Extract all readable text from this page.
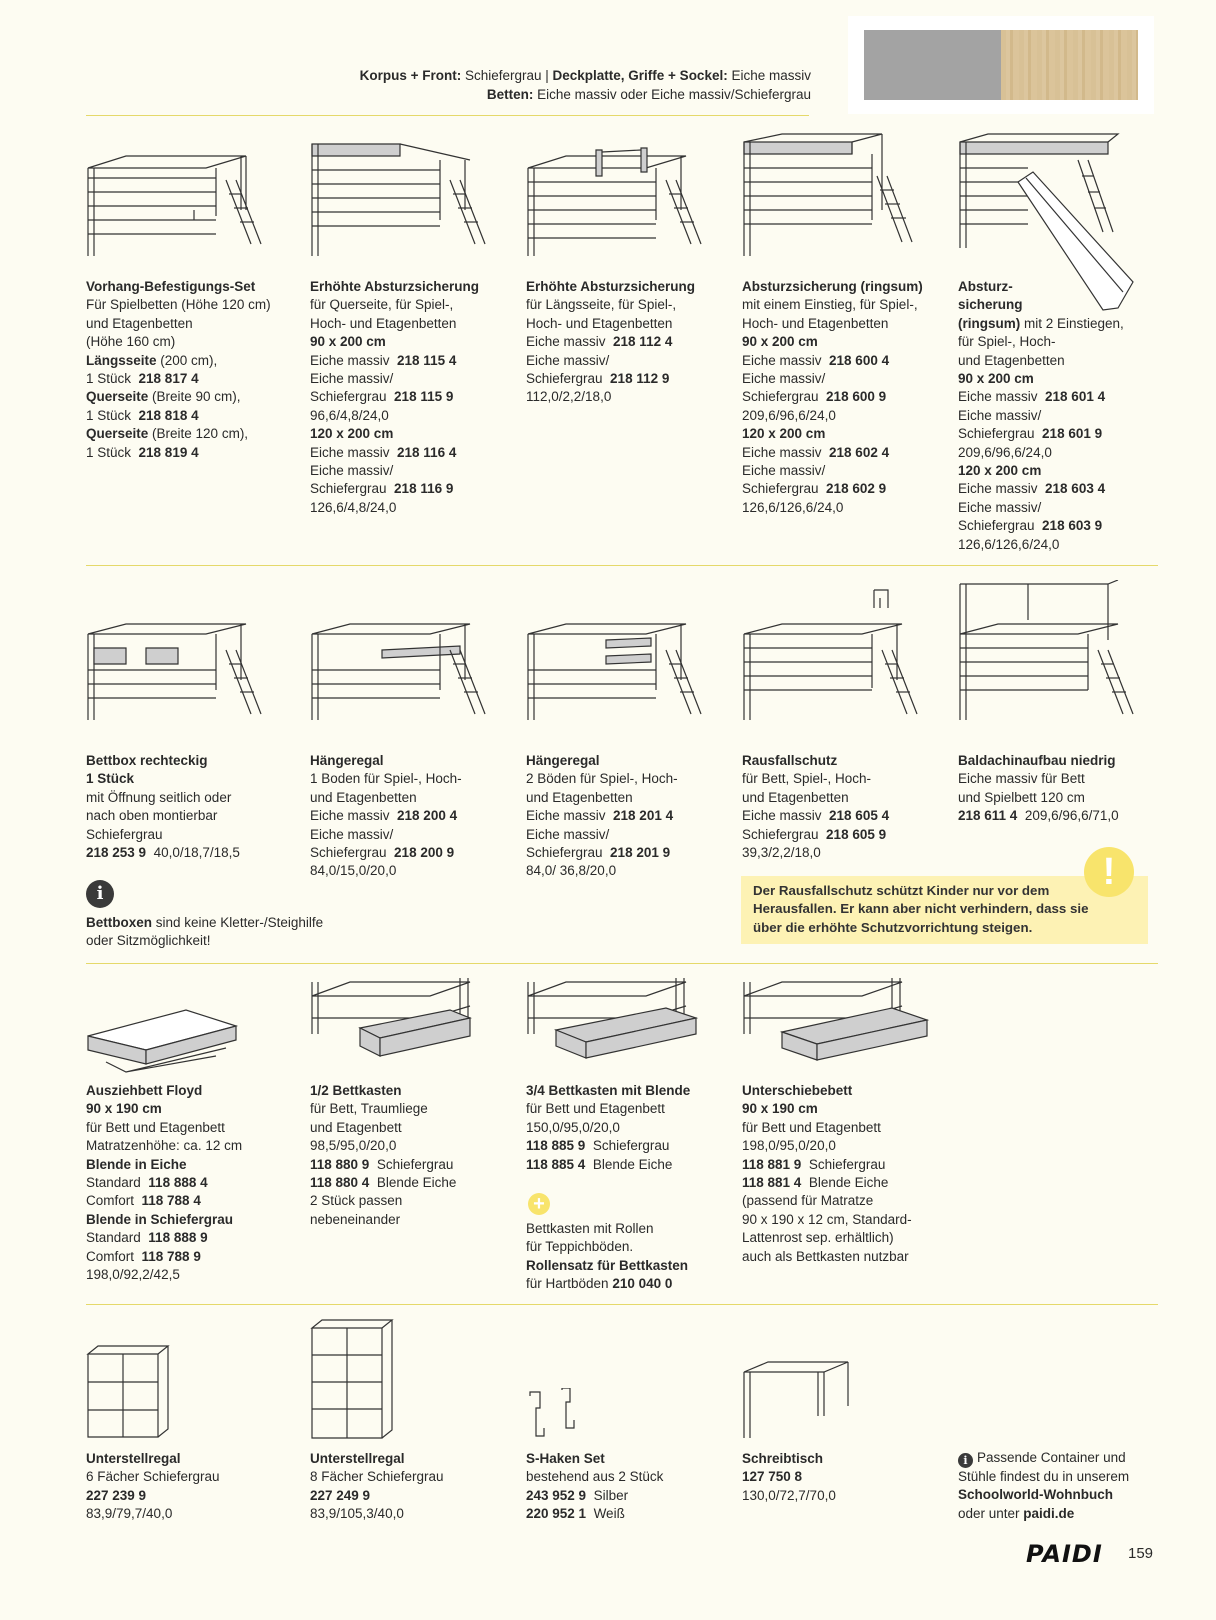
Korpus + Front: Schiefergrau | Deckplatte, Griffe + Sockel: Eiche massiv
Betten: Eiche massiv oder Eiche massiv/Schiefergrau
Vorhang-Befestigungs-Set
Für Spielbetten (Höhe 120 cm)
und Etagenbetten
(Höhe 160 cm)
Längsseite (200 cm),
1 Stück  218 817 4
Querseite (Breite 90 cm),
1 Stück  218 818 4
Querseite (Breite 120 cm),
1 Stück  218 819 4
Erhöhte Absturzsicherung
für Querseite, für Spiel-,
Hoch- und Etagenbetten
90 x 200 cm
Eiche massiv  218 115 4
Eiche massiv/
Schiefergrau  218 115 9
96,6/4,8/24,0
120 x 200 cm
Eiche massiv  218 116 4
Eiche massiv/
Schiefergrau  218 116 9
126,6/4,8/24,0
Erhöhte Absturzsicherung
für Längsseite, für Spiel-,
Hoch- und Etagenbetten
Eiche massiv  218 112 4
Eiche massiv/
Schiefergrau  218 112 9
112,0/2,2/18,0
Absturzsicherung (ringsum)
mit einem Einstieg, für Spiel-,
Hoch- und Etagenbetten
90 x 200 cm
Eiche massiv  218 600 4
Eiche massiv/
Schiefergrau  218 600 9
209,6/96,6/24,0
120 x 200 cm
Eiche massiv  218 602 4
Eiche massiv/
Schiefergrau  218 602 9
126,6/126,6/24,0
Absturz-
sicherung
(ringsum) mit 2 Einstiegen,
für Spiel-, Hoch-
und Etagenbetten
90 x 200 cm
Eiche massiv  218 601 4
Eiche massiv/
Schiefergrau  218 601 9
209,6/96,6/24,0
120 x 200 cm
Eiche massiv  218 603 4
Eiche massiv/
Schiefergrau  218 603 9
126,6/126,6/24,0
Bettbox rechteckig
1 Stück
mit Öffnung seitlich oder
nach oben montierbar
Schiefergrau
218 253 9  40,0/18,7/18,5
Hängeregal
1 Boden für Spiel-, Hoch-
und Etagenbetten
Eiche massiv  218 200 4
Eiche massiv/
Schiefergrau  218 200 9
84,0/15,0/20,0
Hängeregal
2 Böden für Spiel-, Hoch-
und Etagenbetten
Eiche massiv  218 201 4
Eiche massiv/
Schiefergrau  218 201 9
84,0/ 36,8/20,0
Rausfallschutz
für Bett, Spiel-, Hoch-
und Etagenbetten
Eiche massiv  218 605 4
Schiefergrau  218 605 9
39,3/2,2/18,0
Baldachinaufbau niedrig
Eiche massiv für Bett
und Spielbett 120 cm
218 611 4  209,6/96,6/71,0
i
Bettboxen sind keine Kletter-/Steighilfe
oder Sitzmöglichkeit!
Der Rausfallschutz schützt Kinder nur vor dem Herausfallen. Er kann aber nicht verhindern, dass sie über die erhöhte Schutzvorrichtung steigen.
!
Ausziehbett Floyd
90 x 190 cm
für Bett und Etagenbett
Matratzenhöhe: ca. 12 cm
Blende in Eiche
Standard  118 888 4
Comfort  118 788 4
Blende in Schiefergrau
Standard  118 888 9
Comfort  118 788 9
198,0/92,2/42,5
1/2 Bettkasten
für Bett, Traumliege
und Etagenbett
98,5/95,0/20,0
118 880 9  Schiefergrau
118 880 4  Blende Eiche
2 Stück passen
nebeneinander
3/4 Bettkasten mit Blende
für Bett und Etagenbett
150,0/95,0/20,0
118 885 9  Schiefergrau
118 885 4  Blende Eiche
Unterschiebebett
90 x 190 cm
für Bett und Etagenbett
198,0/95,0/20,0
118 881 9  Schiefergrau
118 881 4  Blende Eiche
(passend für Matratze
90 x 190 x 12 cm, Standard-
Lattenrost sep. erhältlich)
auch als Bettkasten nutzbar
+
Bettkasten mit Rollen
für Teppichböden.
Rollensatz für Bettkasten
für Hartböden 210 040 0
Unterstellregal
6 Fächer Schiefergrau
227 239 9
83,9/79,7/40,0
Unterstellregal
8 Fächer Schiefergrau
227 249 9
83,9/105,3/40,0
S-Haken Set
bestehend aus 2 Stück
243 952 9  Silber
220 952 1  Weiß
Schreibtisch
127 750 8
130,0/72,7/70,0
i Passende Container und
Stühle findest du in unserem
Schoolworld-Wohnbuch
oder unter paidi.de
PAIDI 159
